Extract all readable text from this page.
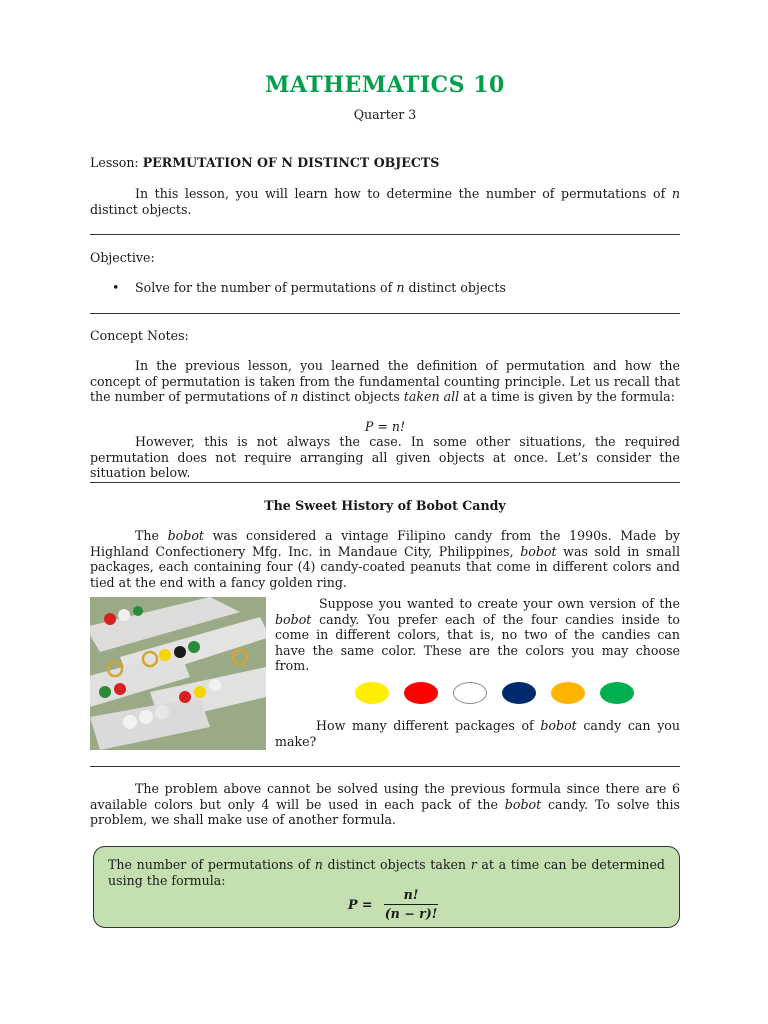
MATHEMATICS 10
Quarter 3
Lesson: PERMUTATION OF N DISTINCT OBJECTS
In this lesson, you will learn how to determine the number of permutations of n distinct objects.
Objective:
• Solve for the number of permutations of n distinct objects
Concept Notes:
In the previous lesson, you learned the definition of permutation and how the concept of permutation is taken from the fundamental counting principle. Let us recall that the number of permutations of n distinct objects taken all at a time is given by the formula:
P = n!
However, this is not always the case. In some other situations, the required permutation does not require arranging all given objects at once. Let’s consider the situation below.
The Sweet History of Bobot Candy
The bobot was considered a vintage Filipino candy from the 1990s. Made by Highland Confectionery Mfg. Inc. in Mandaue City, Philippines, bobot was sold in small packages, each containing four (4) candy-coated peanuts that come in different colors and tied at the end with a fancy golden ring.
Suppose you wanted to create your own version of the bobot candy. You prefer each of the four candies inside to come in different colors, that is, no two of the candies can have the same color. These are the colors you may choose from.
How many different packages of bobot candy can you make?
The problem above cannot be solved using the previous formula since there are 6 available colors but only 4 will be used in each pack of the bobot candy. To solve this problem, we shall make use of another formula.
The number of permutations of n distinct objects taken r at a time can be determined using the formula:
P =
n!
(n − r)!
